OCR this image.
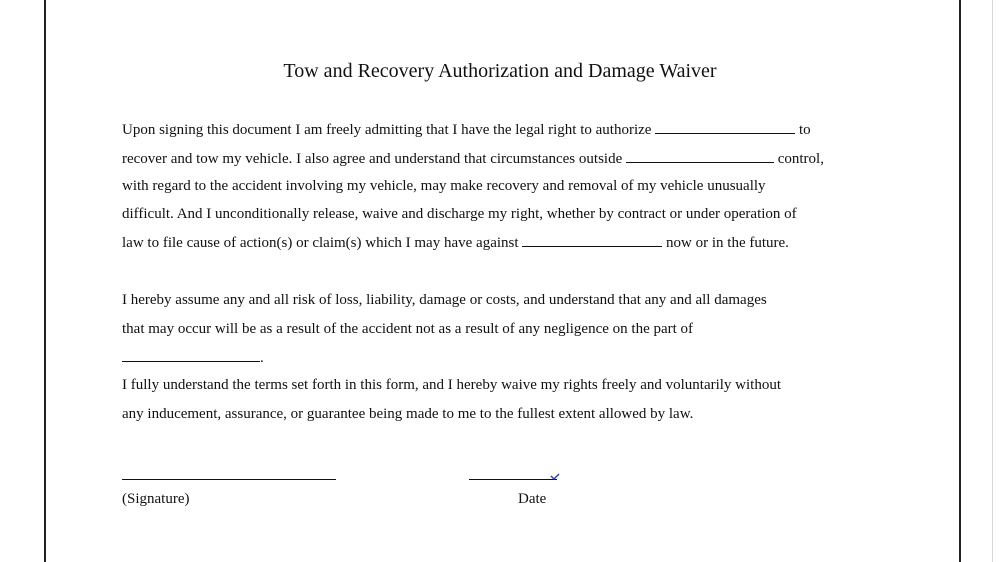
Tow and Recovery Authorization and Damage Waiver
Upon signing this document I am freely admitting that I have the legal right to authorize	to
recover and tow my vehicle. I also agree and understand that circumstances outside	control,
with regard to the accident involving my vehicle, may make recovery and removal of my vehicle unusually
difficult. And I unconditionally release, waive and discharge my right, whether by contract or under operation of
law to file cause of action(s) or claim(s) which I may have against	now or in the future.
I hereby assume any and all risk of loss, liability, damage or costs, and understand that any and all damages
that may occur will be as a result of the accident not as a result of any negligence on the part of
.
I fully understand the terms set forth in this form, and I hereby waive my rights freely and voluntarily without
any inducement, assurance, or guarantee being made to me to the fullest extent allowed by law.
(Signature)	Date
